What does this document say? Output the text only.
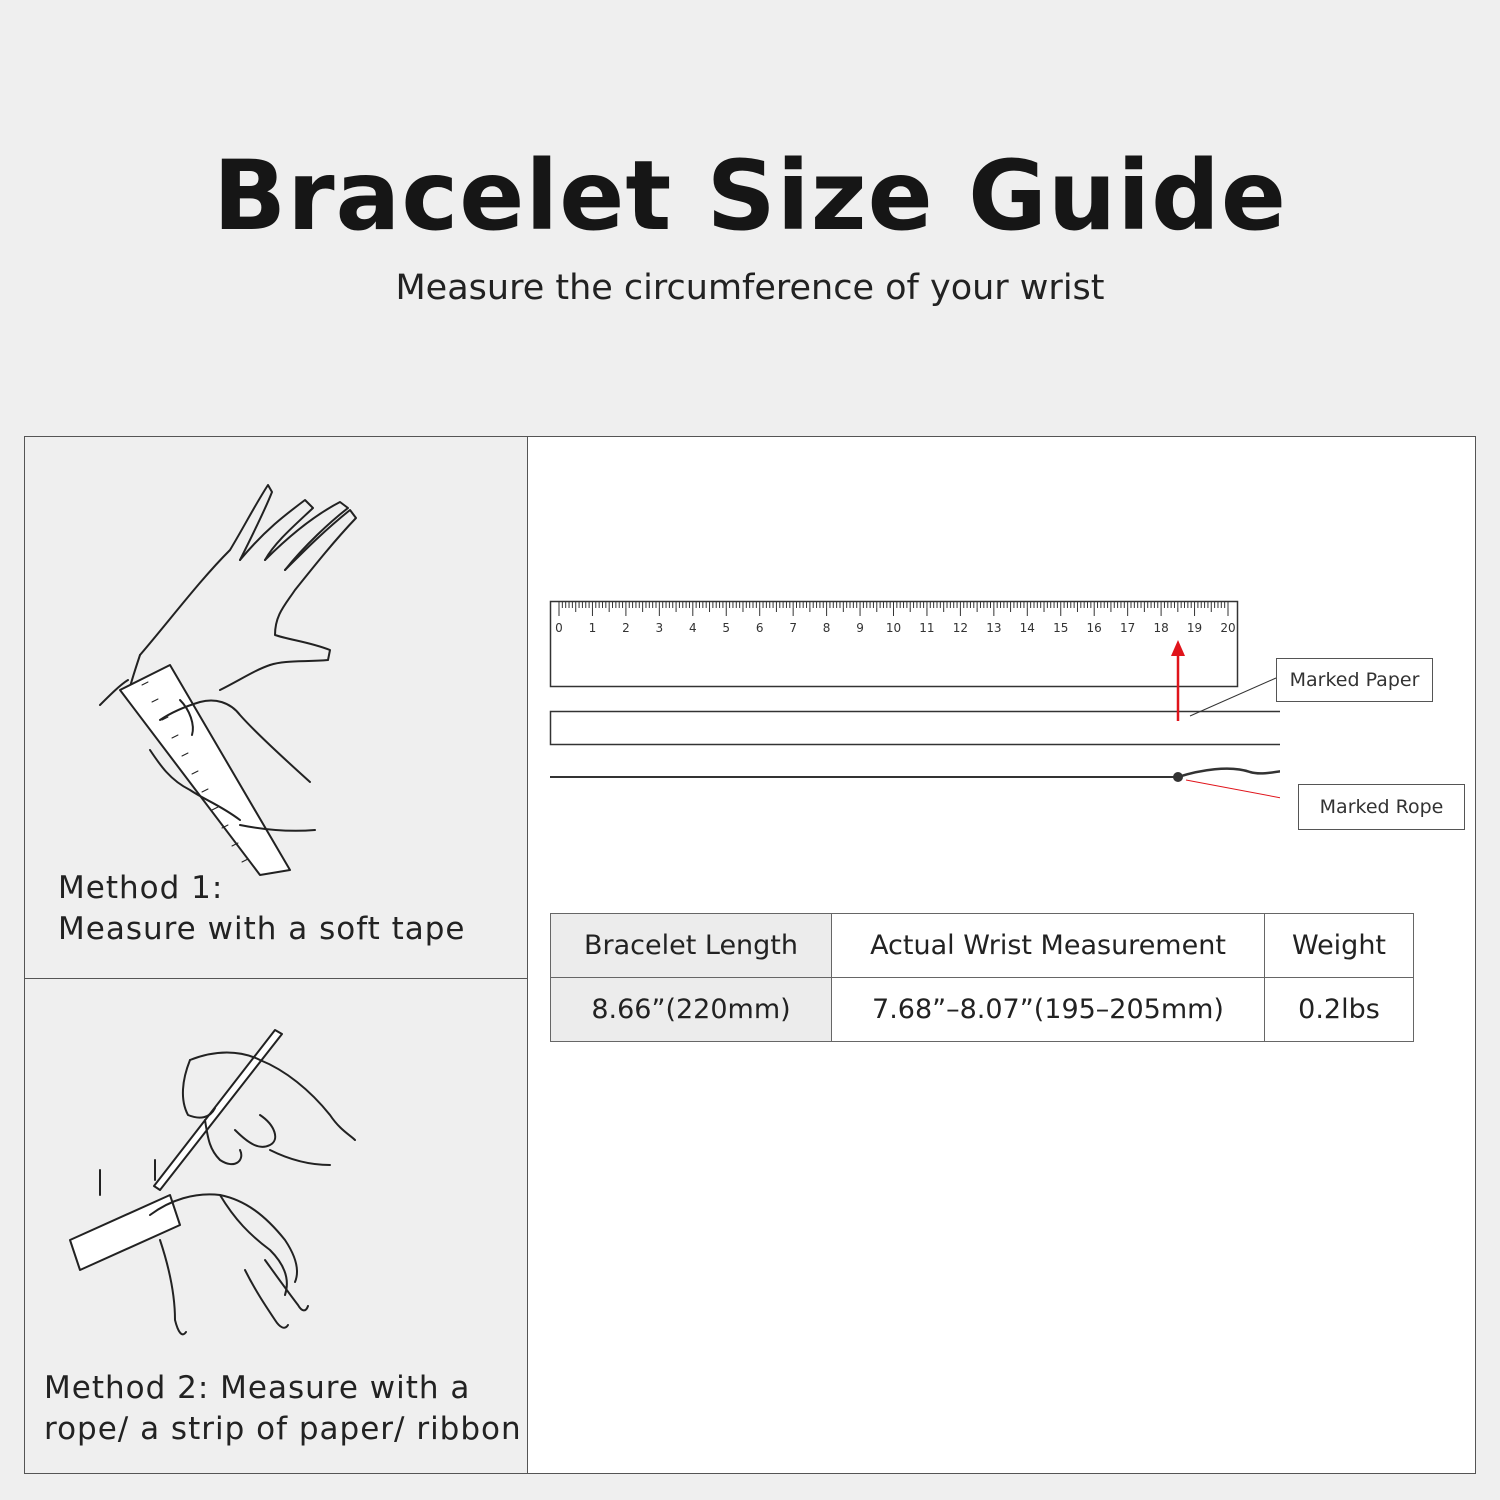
Bracelet Size Guide
Measure the circumference of your wrist
Method 1:
Measure with a soft tape
Method 2: Measure with a
rope/ a strip of paper/ ribbon
0 1 2 3 4 5 6 7 8 9 10 11 12 13 14 15 16 17 18 19 20
Marked Paper
Marked Rope
Bracelet Length	Actual Wrist Measurement	Weight
8.66”(220mm)	7.68”–8.07”(195–205mm)	0.2lbs
